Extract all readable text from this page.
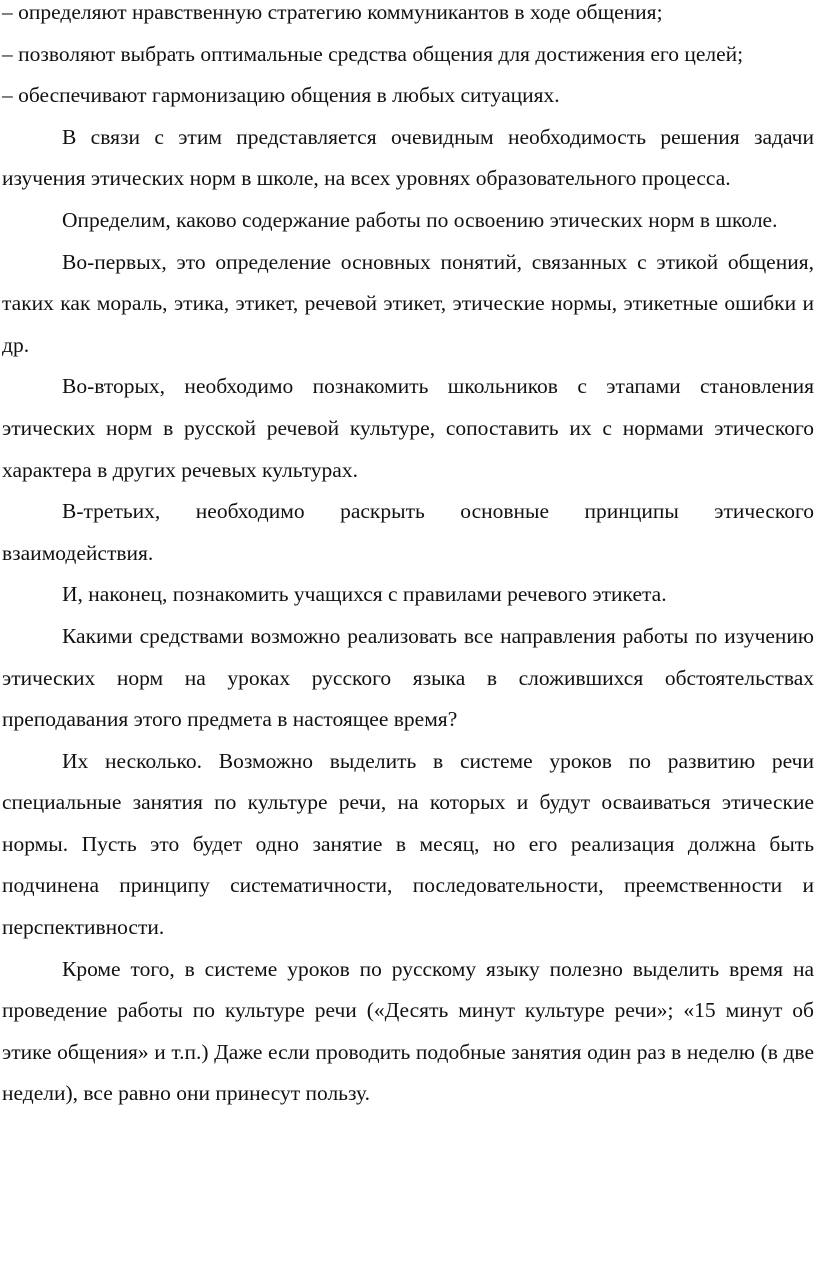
– определяют нравственную стратегию коммуникантов в ходе общения;

– позволяют выбрать оптимальные средства общения для достижения его целей;

– обеспечивают гармонизацию общения в любых ситуациях.

В связи с этим представляется очевидным необходимость решения задачи изучения этических норм в школе, на всех уровнях образовательного процесса.

Определим, каково содержание работы по освоению этических норм в школе.

Во-первых, это определение основных понятий, связанных с этикой общения, таких как мораль, этика, этикет, речевой этикет, этические нормы, этикетные ошибки и др.

Во-вторых, необходимо познакомить школьников с этапами становления этических норм в русской речевой культуре, сопоставить их с нормами этического характера в других речевых культурах.

В-третьих, необходимо раскрыть основные принципы этического взаимодействия.

И, наконец, познакомить учащихся с правилами речевого этикета.

Какими средствами возможно реализовать все направления работы по изучению этических норм на уроках русского языка в сложившихся обстоятельствах преподавания этого предмета в настоящее время?

Их несколько. Возможно выделить в системе уроков по развитию речи специальные занятия по культуре речи, на которых и будут осваиваться этические нормы. Пусть это будет одно занятие в месяц, но его реализация должна быть подчинена принципу систематичности, последовательности, преемственности и перспективности.

Кроме того, в системе уроков по русскому языку полезно выделить время на проведение работы по культуре речи («Десять минут культуре речи»; «15 минут об этике общения» и т.п.) Даже если проводить подобные занятия один раз в неделю (в две недели), все равно они принесут пользу.
